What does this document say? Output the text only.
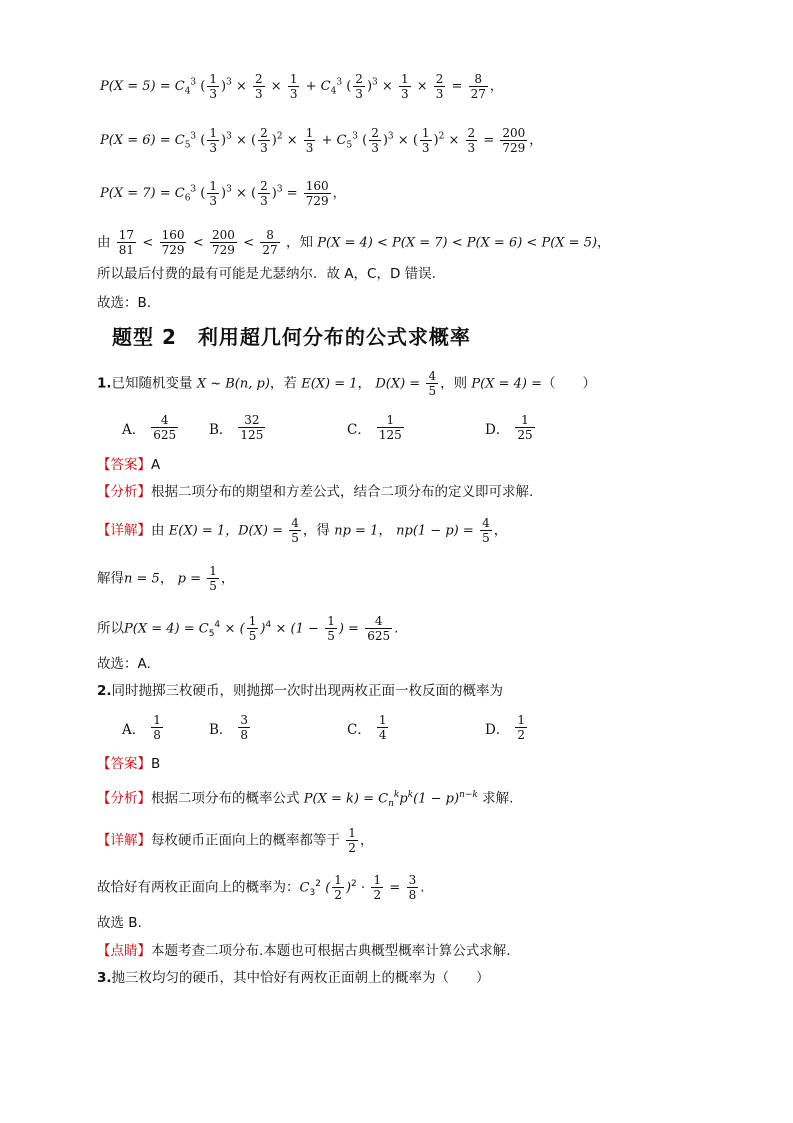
$P(X = 5) = C_4^3$ ( $\frac{1}{3} )^3 \times \frac{2}{3} \times \frac{1}{3} + C_4^3$ ( $\frac{2}{3} )^3 \times \frac{1}{3} \times \frac{2}{3} = \frac{8}{27}$ ，
$P(X = 6) = C_5^3$ ( $\frac{1}{3} )^3$ × ( $\frac{2}{3} )^2 \times \frac{1}{3} + C_5^3$ ( $\frac{2}{3} )^3$ × ( $\frac{1}{3} )^2 \times \frac{2}{3} = \frac{200}{729}$ ，
$P(X = 7) = C_6^3$ ( $\frac{1}{3} )^3$ × ( $\frac{2}{3} )^3 = \frac{160}{729}$ ，
由 $\frac{17}{81} < \frac{160}{729} < \frac{200}{729} < \frac{8}{27}$ ，知 P(X = 4) < P(X = 7) < P(X = 6) < P(X = 5)，
所以最后付费的最有可能是尤瑟纳尔．故 A，C，D 错误.
故选：B．
题型 2　利用超几何分布的公式求概率
1.已知随机变量 X ~ B(n, p)，若 E(X) = 1， $D(X) = \frac{4}{5}$ ，则 P(X = 4) =（　　）
A． $\frac{4}{625}$ B． $\frac{32}{125}$	C． $\frac{1}{125}$	D． $\frac{1}{25}$
【答案】A
【分析】根据二项分布的期望和方差公式，结合二项分布的定义即可求解.
【详解】由 E(X) = 1，$D(X) = \frac{4}{5}$ ，得 np = 1， $np(1 - p) = \frac{4}{5}$ ，
解得n = 5， $p = \frac{1}{5}$ ，
所以$P(X = 4) = C_5^4$ × ( $\frac{1}{5} )^4 \times (1 - \frac{1}{5}$ ) = $\frac{4}{625}$ .
故选：A.
2.同时抛掷三枚硬币，则抛掷一次时出现两枚正面一枚反面的概率为
A． $\frac{1}{8}$	B． $\frac{3}{8}$	C． $\frac{1}{4}$	D． $\frac{1}{2}$
【答案】B
【分析】根据二项分布的概率公式 $P(X = k) = C_n^kp^k(1 - p)^{n-k}$ 求解.
【详解】每枚硬币正面向上的概率都等于 $\frac{1}{2}$ ，
故恰好有两枚正面向上的概率为：$C_3^2$ ( $\frac{1}{2} )^2 \cdot \frac{1}{2} = \frac{3}{8}$ .
故选 B.
【点睛】本题考查二项分布.本题也可根据古典概型概率计算公式求解.
3.抛三枚均匀的硬币，其中恰好有两枚正面朝上的概率为（　　）
